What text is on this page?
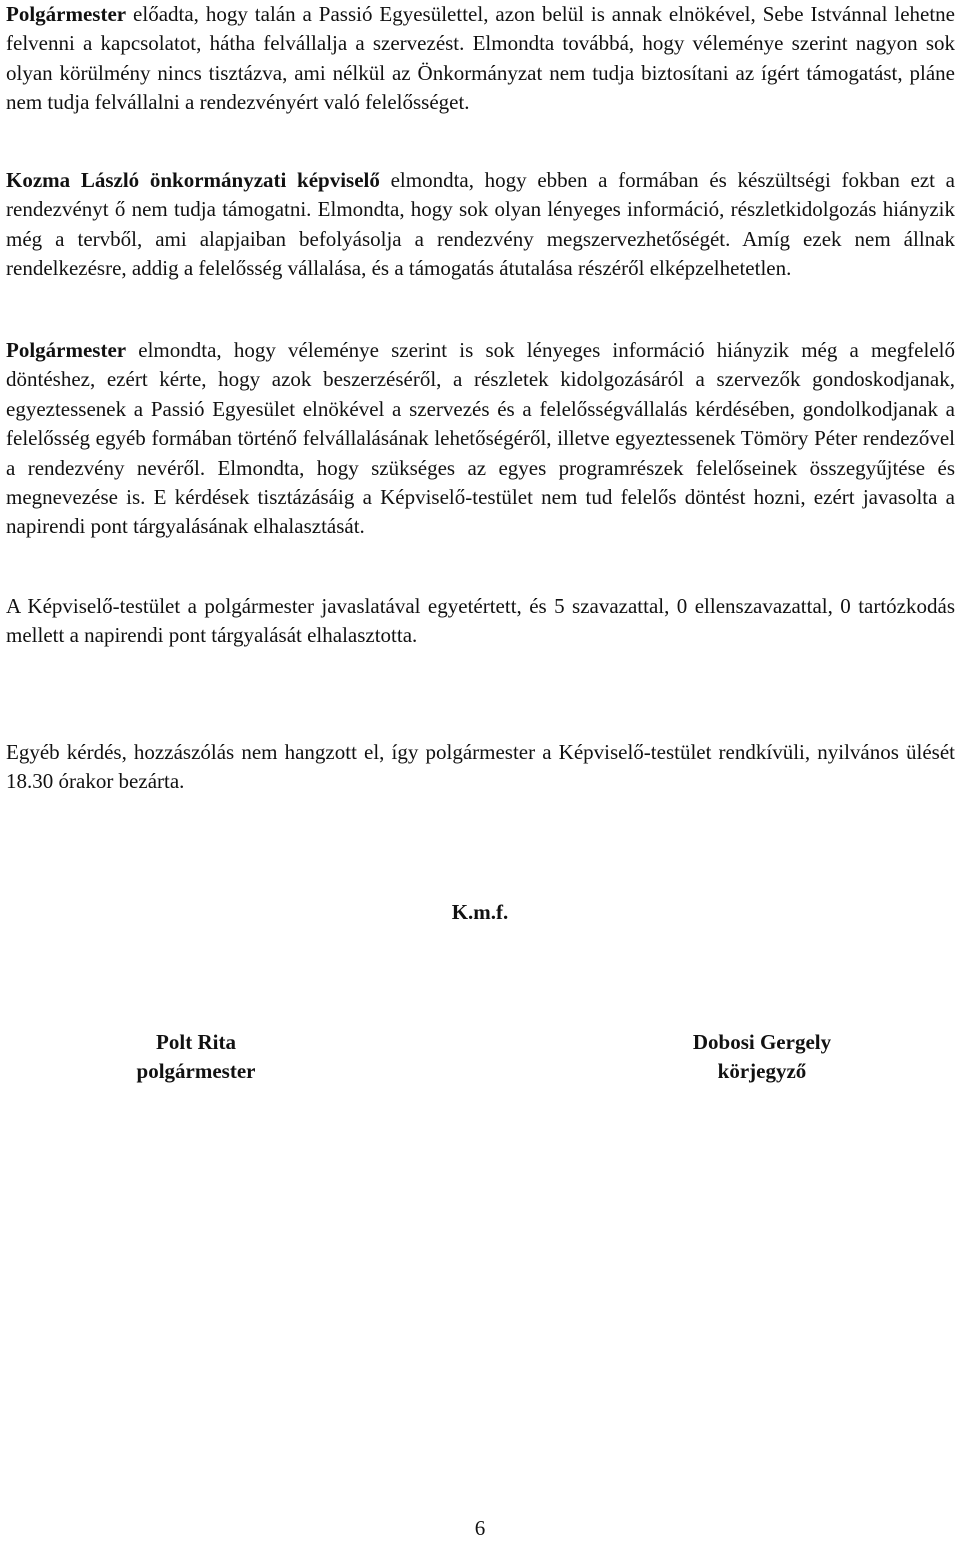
Polgármester előadta, hogy talán a Passió Egyesülettel, azon belül is annak elnökével, Sebe Istvánnal lehetne felvenni a kapcsolatot, hátha felvállalja a szervezést. Elmondta továbbá, hogy véleménye szerint nagyon sok olyan körülmény nincs tisztázva, ami nélkül az Önkormányzat nem tudja biztosítani az ígért támogatást, pláne nem tudja felvállalni a rendezvényért való felelősséget.

Kozma László önkormányzati képviselő elmondta, hogy ebben a formában és készültségi fokban ezt a rendezvényt ő nem tudja támogatni. Elmondta, hogy sok olyan lényeges információ, részletkidolgozás hiányzik még a tervből, ami alapjaiban befolyásolja a rendezvény megszervezhetőségét. Amíg ezek nem állnak rendelkezésre, addig a felelősség vállalása, és a támogatás átutalása részéről elképzelhetetlen.

Polgármester elmondta, hogy véleménye szerint is sok lényeges információ hiányzik még a megfelelő döntéshez, ezért kérte, hogy azok beszerzéséről, a részletek kidolgozásáról a szervezők gondoskodjanak, egyeztessenek a Passió Egyesület elnökével a szervezés és a felelősségvállalás kérdésében, gondolkodjanak a felelősség egyéb formában történő felvállalásának lehetőségéről, illetve egyeztessenek Tömöry Péter rendezővel a rendezvény nevéről. Elmondta, hogy szükséges az egyes programrészek felelőseinek összegyűjtése és megnevezése is. E kérdések tisztázásáig a Képviselő-testület nem tud felelős döntést hozni, ezért javasolta a napirendi pont tárgyalásának elhalasztását.

A Képviselő-testület a polgármester javaslatával egyetértett, és 5 szavazattal, 0 ellenszavazattal, 0 tartózkodás mellett a napirendi pont tárgyalását elhalasztotta.

Egyéb kérdés, hozzászólás nem hangzott el, így polgármester a Képviselő-testület rendkívüli, nyilvános ülését 18.30 órakor bezárta.

K.m.f.
Polt Rita
polgármester
Dobosi Gergely
körjegyző
6
